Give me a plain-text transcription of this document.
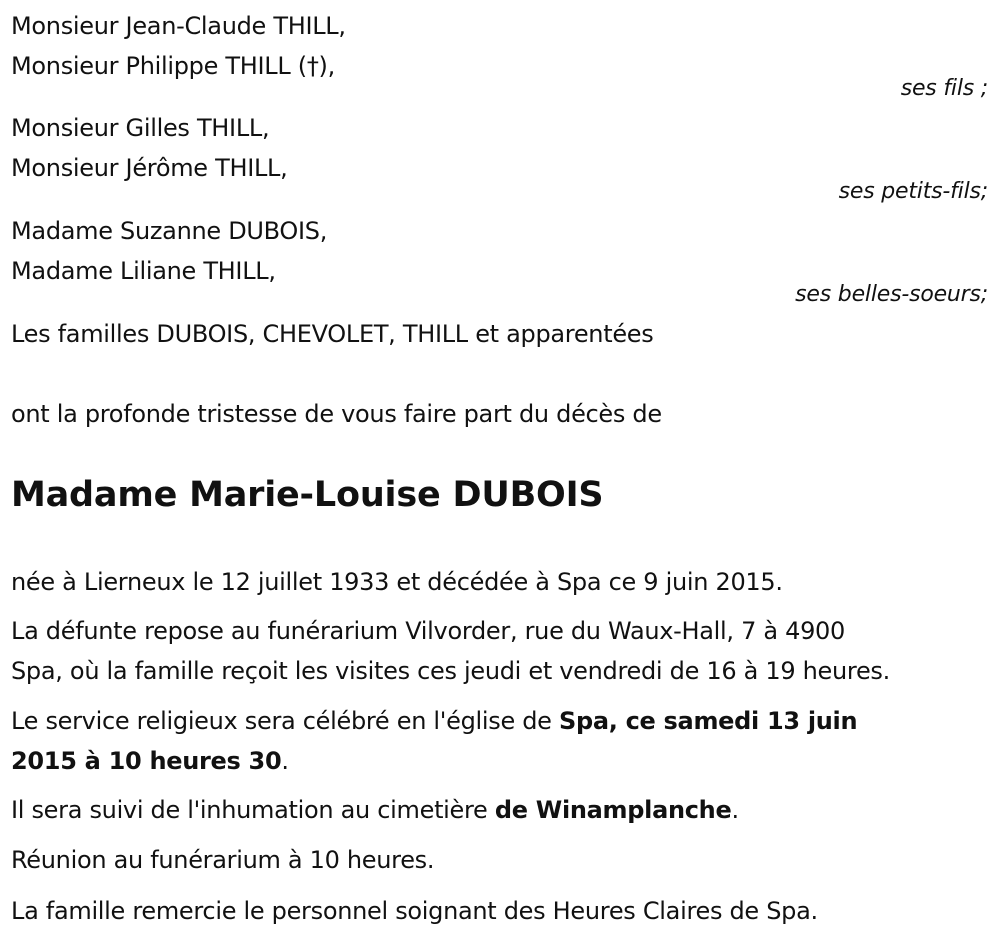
Monsieur Jean-Claude THILL,

Monsieur Philippe THILL (†),

ses fils ;

Monsieur Gilles THILL,

Monsieur Jérôme THILL,

ses petits-fils;

Madame Suzanne DUBOIS,

Madame Liliane THILL,

ses belles-soeurs;

Les familles DUBOIS, CHEVOLET, THILL et apparentées

ont la profonde tristesse de vous faire part du décès de

Madame Marie-Louise DUBOIS

née à Lierneux le 12 juillet 1933 et décédée à Spa ce 9 juin 2015.

La défunte repose au funérarium Vilvorder, rue du Waux-Hall, 7 à 4900

Spa, où la famille reçoit les visites ces jeudi et vendredi de 16 à 19 heures.

Le service religieux sera célébré en l'église de Spa, ce samedi 13 juin

2015 à 10 heures 30.

Il sera suivi de l'inhumation au cimetière de Winamplanche.

Réunion au funérarium à 10 heures.

La famille remercie le personnel soignant des Heures Claires de Spa.
